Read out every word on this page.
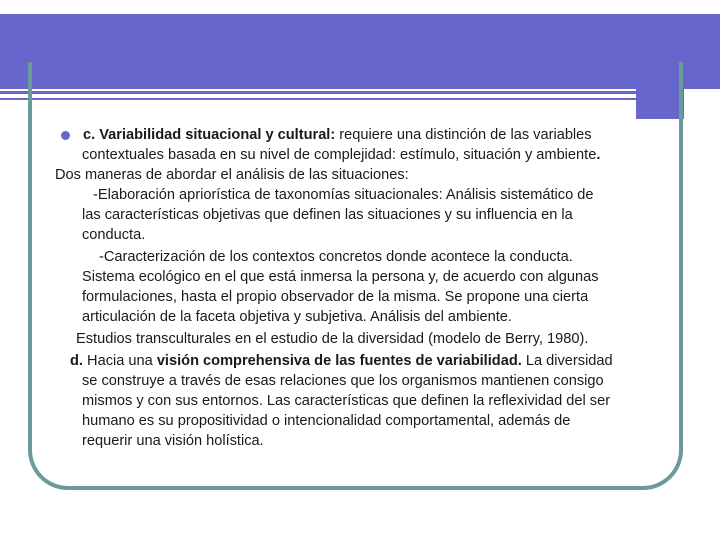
c. Variabilidad situacional y cultural: requiere una distinción de las variables
contextuales basada en su nivel de complejidad: estímulo, situación y ambiente.
Dos maneras de abordar el análisis de las situaciones:
-Elaboración apriorística de taxonomías situacionales: Análisis sistemático de
las características objetivas que definen las situaciones y su influencia en la
conducta.
-Caracterización de los contextos concretos donde acontece la conducta.
Sistema ecológico en el que está inmersa la persona y, de acuerdo con algunas
formulaciones, hasta el propio observador de la misma. Se propone una cierta
articulación de la faceta objetiva y subjetiva. Análisis del ambiente.
Estudios transculturales en el estudio de la diversidad (modelo de Berry, 1980).
d. Hacia una visión comprehensiva de las fuentes de variabilidad. La diversidad
se construye a través de esas relaciones que los organismos mantienen consigo
mismos y con sus entornos. Las características que definen la reflexividad del ser
humano es su propositividad o intencionalidad comportamental, además de
requerir una visión holística.
